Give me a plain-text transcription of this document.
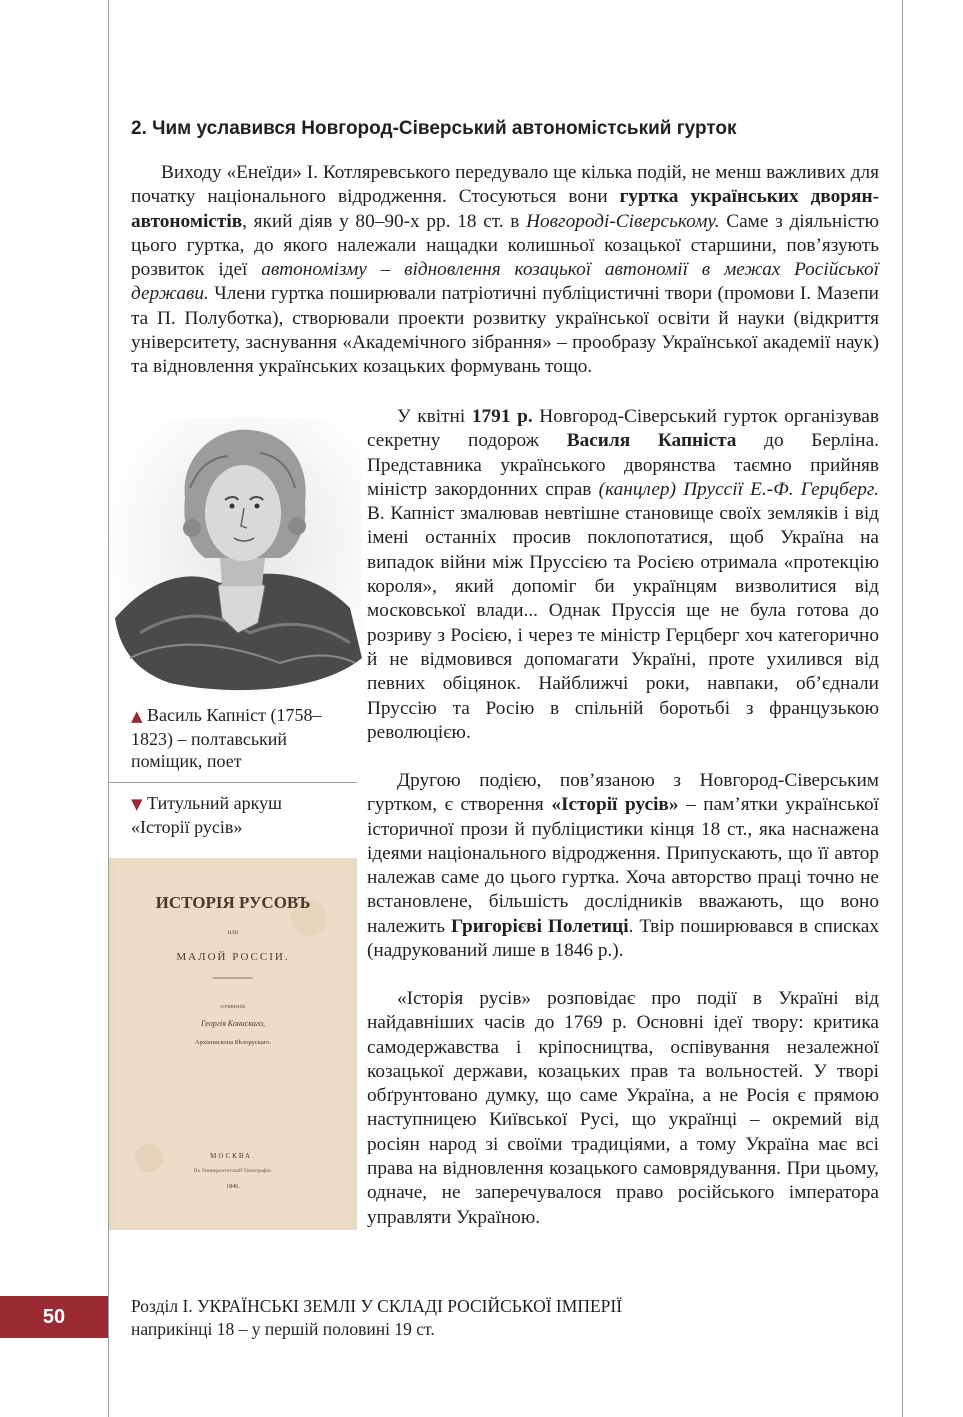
2. Чим уславився Новгород-Сіверський автономістський гурток

Виходу «Енеїди» І. Котляревського передувало ще кілька подій, не менш важливих для початку національного відродження. Стосуються вони гуртка українських дворян-автономістів, який діяв у 80–90-х рр. 18 ст. в Новгороді-Сіверському. Саме з діяльністю цього гуртка, до якого належали нащадки колишньої козацької старшини, пов’язують розвиток ідеї автономізму – відновлення козацької автономії в межах Російської держави. Члени гуртка поширювали патріотичні публіцистичні твори (промови І. Мазепи та П. Полуботка), створювали проекти розвитку української освіти й науки (відкриття університету, заснування «Академічного зібрання» – прообразу Української академії наук) та відновлення українських козацьких формувань тощо.

▲ Василь Капніст (1758–1823) – полтавський поміщик, поет
▼ Титульний аркуш «Історії русів»
ИСТОРІЯ РУСОВЪ
или
МАЛОЙ РОССІИ.
сочиненіе
Георгія Конискаго,
Архіепископа Бѣлорускаго.
МОСКВА.
Въ Университетской Типографіи.
1846.

У квітні 1791 р. Новгород-Сіверський гурток організував секретну подорож Василя Капніста до Берліна. Представника українського дворянства таємно прийняв міністр закордонних справ (канцлер) Пруссії Е.-Ф. Герцберг. В. Капніст змалював невтішне становище своїх земляків і від імені останніх просив поклопотатися, щоб Україна на випадок війни між Пруссією та Росією отримала «протекцію короля», який допоміг би українцям визволитися від московської влади... Однак Пруссія ще не була готова до розриву з Росією, і через те міністр Герцберг хоч категорично й не відмовився допомагати Україні, проте ухилився від певних обіцянок. Найближчі роки, навпаки, об’єднали Пруссію та Росію в спільній боротьбі з французькою революцією.

Другою подією, пов’язаною з Новгород-Сіверським гуртком, є створення «Історії русів» – пам’ятки української історичної прози й публіцистики кінця 18 ст., яка наснажена ідеями національного відродження. Припускають, що її автор належав саме до цього гуртка. Хоча авторство праці точно не встановлене, більшість дослідників вважають, що воно належить Григорієві Полетиці. Твір поширювався в списках (надрукований лише в 1846 р.).

«Історія русів» розповідає про події в Україні від найдавніших часів до 1769 р. Основні ідеї твору: критика самодержавства і кріпосництва, оспівування незалежної козацької держави, козацьких прав та вольностей. У творі обґрунтовано думку, що саме Україна, а не Росія є прямою наступницею Київської Русі, що українці – окремий від росіян народ зі своїми традиціями, а тому Україна має всі права на відновлення козацького самоврядування. При цьому, одначе, не заперечувалося право російського імператора управляти Україною.

50	Розділ І. УКРАЇНСЬКІ ЗЕМЛІ У СКЛАДІ РОСІЙСЬКОЇ ІМПЕРІЇ
наприкінці 18 – у першій половині 19 ст.
